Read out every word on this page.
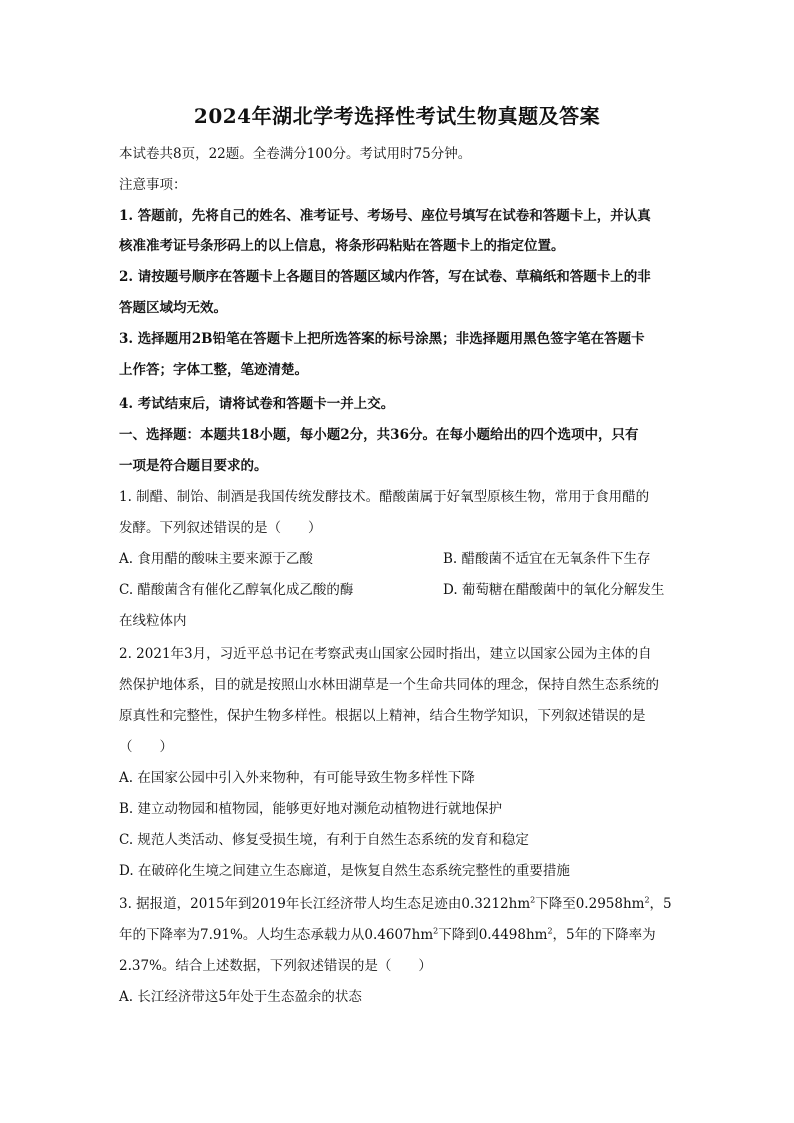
2024年湖北学考选择性考试生物真题及答案
本试卷共8页，22题。全卷满分100分。考试用时75分钟。
注意事项：
1. 答题前，先将自己的姓名、准考证号、考场号、座位号填写在试卷和答题卡上，并认真
核准准考证号条形码上的以上信息，将条形码粘贴在答题卡上的指定位置。
2. 请按题号顺序在答题卡上各题目的答题区域内作答，写在试卷、草稿纸和答题卡上的非
答题区域均无效。
3. 选择题用2B铅笔在答题卡上把所选答案的标号涂黑；非选择题用黑色签字笔在答题卡
上作答；字体工整，笔迹清楚。
4. 考试结束后，请将试卷和答题卡一并上交。
一、选择题：本题共18小题，每小题2分，共36分。在每小题给出的四个选项中，只有
一项是符合题目要求的。
1. 制醋、制饴、制酒是我国传统发酵技术。醋酸菌属于好氧型原核生物，常用于食用醋的
发酵。下列叙述错误的是（　　）
A. 食用醋的酸味主要来源于乙酸	B. 醋酸菌不适宜在无氧条件下生存
C. 醋酸菌含有催化乙醇氧化成乙酸的酶	D. 葡萄糖在醋酸菌中的氧化分解发生
在线粒体内
2. 2021年3月，习近平总书记在考察武夷山国家公园时指出，建立以国家公园为主体的自
然保护地体系，目的就是按照山水林田湖草是一个生命共同体的理念，保持自然生态系统的
原真性和完整性，保护生物多样性。根据以上精神，结合生物学知识，下列叙述错误的是
（　　）
A. 在国家公园中引入外来物种，有可能导致生物多样性下降
B. 建立动物园和植物园，能够更好地对濒危动植物进行就地保护
C. 规范人类活动、修复受损生境，有利于自然生态系统的发育和稳定
D. 在破碎化生境之间建立生态廊道，是恢复自然生态系统完整性的重要措施
3. 据报道，2015年到2019年长江经济带人均生态足迹由$0.3212hm^2$下降至$0.2958hm^2$，5
年的下降率为7.91%。人均生态承载力从$0.4607hm^2$下降到$0.4498hm^2$，5年的下降率为
2.37%。结合上述数据，下列叙述错误的是（　　）
A. 长江经济带这5年处于生态盈余的状态
